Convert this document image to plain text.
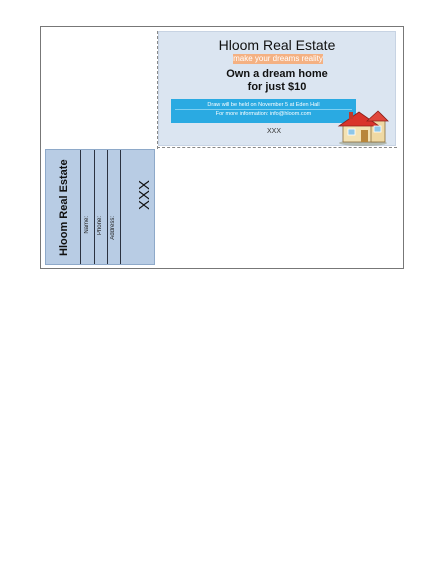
Hloom Real Estate
make your dreams reality
Own a dream home
for just $10
Draw will be held on November 5 at Eden Hall
For more information: info@hloom.com
XXX
Hloom Real Estate Name: Phone: Address:
XXX
